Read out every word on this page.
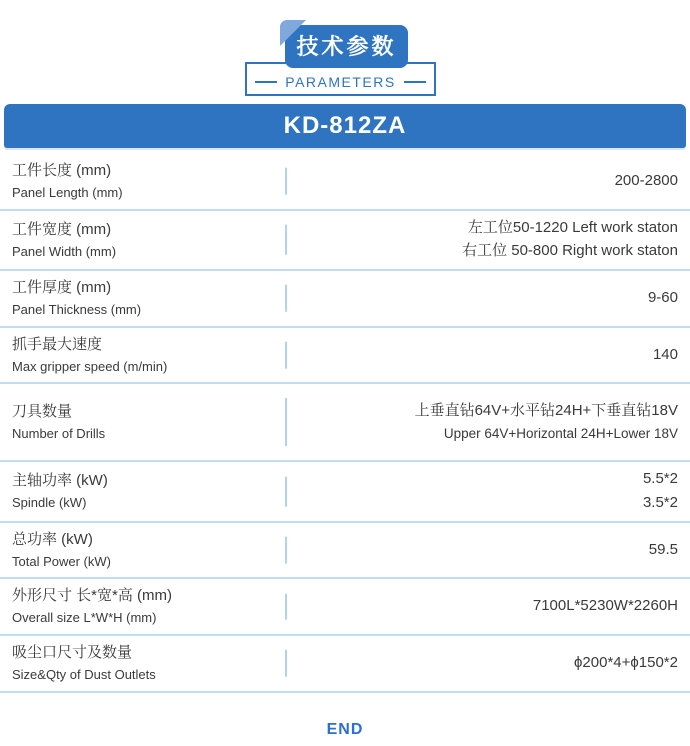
PARAMETERS
技术参数
KD-812ZA
工件长度 (mm)
Panel Length (mm)
200-2800
工件宽度 (mm)
Panel Width (mm)
左工位50-1220 Left work staton
右工位 50-800 Right work staton
工件厚度 (mm)
Panel Thickness (mm)
9-60
抓手最大速度
Max gripper speed (m/min)
140
刀具数量
Number of Drills
上垂直钻64V+水平钻24H+下垂直钻18V
Upper 64V+Horizontal 24H+Lower 18V
主轴功率 (kW)
Spindle (kW)
5.5*2
3.5*2
总功率 (kW)
Total Power (kW)
59.5
外形尺寸 长*宽*高 (mm)
Overall size L*W*H (mm)
7100L*5230W*2260H
吸尘口尺寸及数量
Size&Qty of Dust Outlets
ϕ200*4+ϕ150*2
END
